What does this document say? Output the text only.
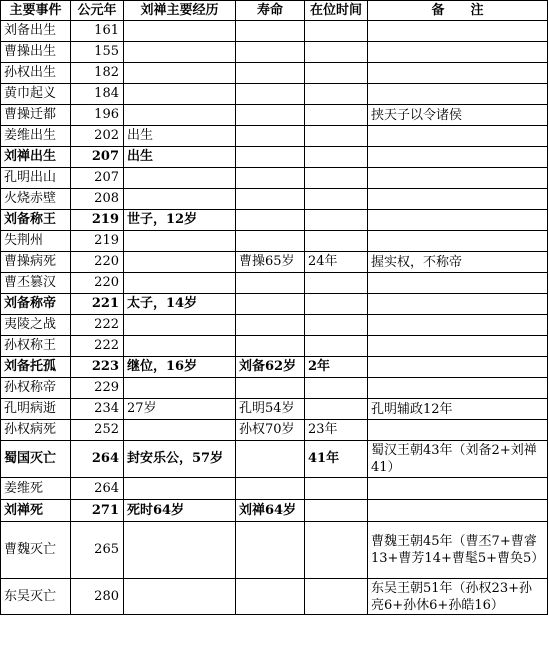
主要事件	公元年	刘禅主要经历	寿命	在位时间	备　　注
刘备出生	161				
曹操出生	155				
孙权出生	182				
黄巾起义	184				
曹操迁都	196				挟天子以令诸侯
姜维出生	202	出生			
刘禅出生	207	出生			
孔明出山	207				
火烧赤壁	208				
刘备称王	219	世子，12岁			
失荆州	219				
曹操病死	220		曹操65岁	24年	握实权，不称帝
曹丕篡汉	220				
刘备称帝	221	太子，14岁			
夷陵之战	222				
孙权称王	222				
刘备托孤	223	继位，16岁	刘备62岁	2年	
孙权称帝	229				
孔明病逝	234	27岁	孔明54岁		孔明辅政12年
孙权病死	252		孙权70岁	23年	
蜀国灭亡	264	封安乐公，57岁		41年	蜀汉王朝43年（刘备2+刘禅41）
姜维死	264				
刘禅死	271	死时64岁	刘禅64岁		
曹魏灭亡	265				曹魏王朝45年（曹丕7+曹睿13+曹芳14+曹髦5+曹奂5）
东吴灭亡	280				东吴王朝51年（孙权23+孙亮6+孙休6+孙皓16）
